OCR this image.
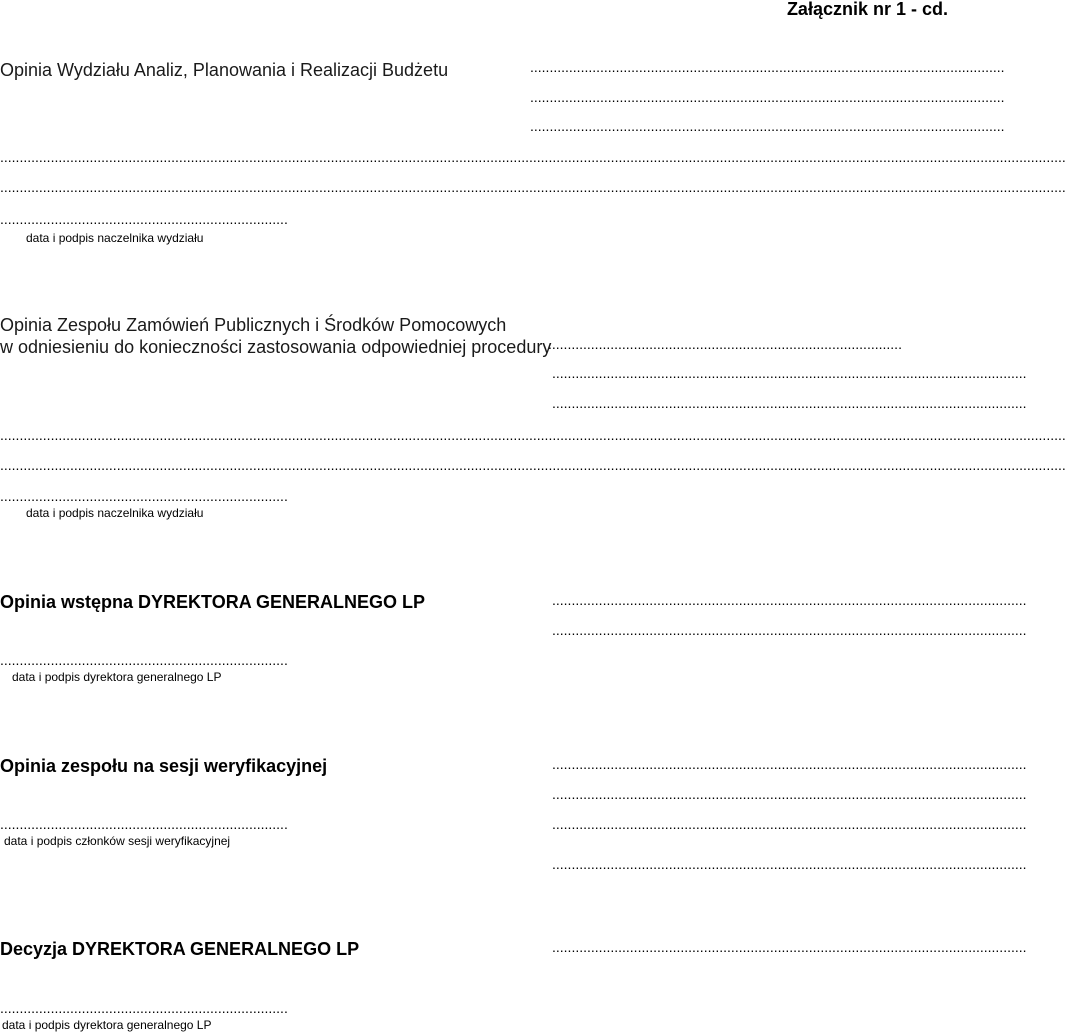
Załącznik nr 1 - cd.
Opinia Wydziału Analiz, Planowania i Realizacji Budżetu	..........................................................................................................................
..........................................................................................................................
..........................................................................................................................
..................................................................................................................................................................................................................................................................................
..................................................................................................................................................................................................................................................................................
..........................................................................
data i podpis naczelnika wydziału
Opinia Zespołu Zamówień Publicznych i Środków Pomocowych
w odniesieniu do konieczności zastosowania odpowiedniej procedury
...........................................................................................
..........................................................................................................................
..........................................................................................................................
..................................................................................................................................................................................................................................................................................
..................................................................................................................................................................................................................................................................................
..........................................................................
data i podpis naczelnika wydziału
Opinia wstępna DYREKTORA GENERALNEGO LP	..........................................................................................................................
..........................................................................................................................
..........................................................................
data i podpis dyrektora generalnego LP
Opinia zespołu na sesji weryfikacyjnej	..........................................................................................................................
..........................................................................................................................
..........................................................................	..........................................................................................................................
data i podpis członków sesji weryfikacyjnej
..........................................................................................................................
Decyzja DYREKTORA GENERALNEGO LP	..........................................................................................................................
..........................................................................
data i podpis dyrektora generalnego LP
